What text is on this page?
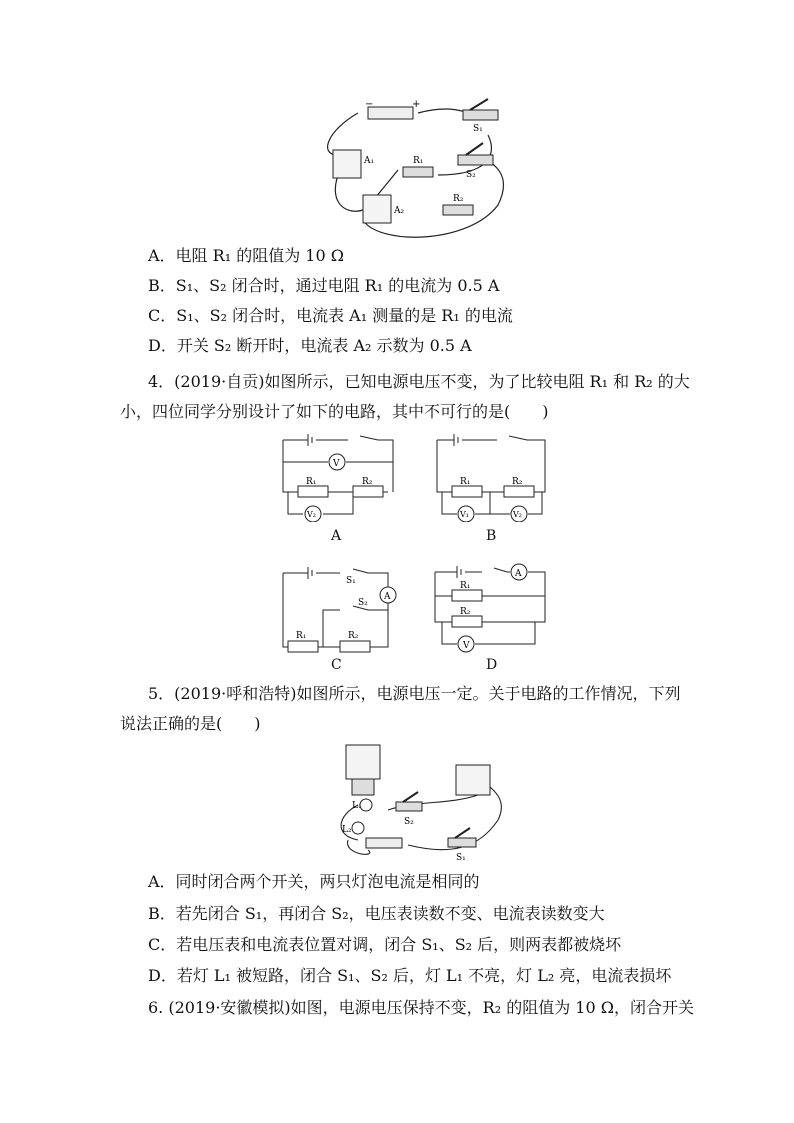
−	+
A₁
A₂
R₁
R₂
S₁
S₂
A．电阻 R₁ 的阻值为 10 Ω
B．S₁、S₂ 闭合时，通过电阻 R₁ 的电流为 0.5 A
C．S₁、S₂ 闭合时，电流表 A₁ 测量的是 R₁ 的电流
D．开关 S₂ 断开时，电流表 A₂ 示数为 0.5 A
4．(2019·自贡)如图所示，已知电源电压不变，为了比较电阻 R₁ 和 R₂ 的大
小，四位同学分别设计了如下的电路，其中不可行的是(　　)
V
R₁	R₂
V₂
A
R₁	R₂
V₁	V₂
B
A
S₁
S₂
R₁	R₂
C
A
R₁
R₂
V
D
5．(2019·呼和浩特)如图所示，电源电压一定。关于电路的工作情况，下列
说法正确的是(　　)
L₁
L₂
S₂
S₁
A．同时闭合两个开关，两只灯泡电流是相同的
B．若先闭合 S₁，再闭合 S₂，电压表读数不变、电流表读数变大
C．若电压表和电流表位置对调，闭合 S₁、S₂ 后，则两表都被烧坏
D．若灯 L₁ 被短路，闭合 S₁、S₂ 后，灯 L₁ 不亮，灯 L₂ 亮，电流表损坏
6. (2019·安徽模拟)如图，电源电压保持不变，R₂ 的阻值为 10 Ω，闭合开关
